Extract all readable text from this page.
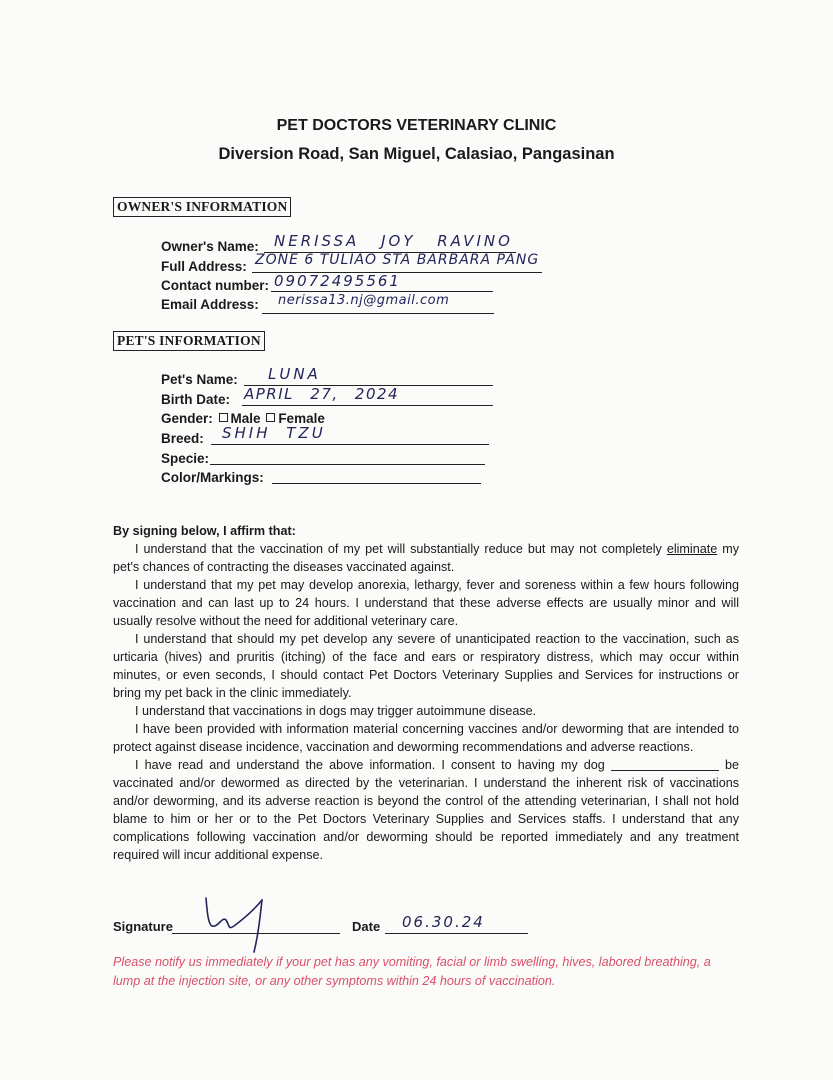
PET DOCTORS VETERINARY CLINIC
Diversion Road, San Miguel, Calasiao, Pangasinan
OWNER'S INFORMATION
Owner's Name: NERISSA JOY RAVINO
Full Address: ZONE 6 TULIAO STA BARBARA PANG
Contact number: 09072495561
Email Address: nerissa13.nj@gmail.com
PET'S INFORMATION
Pet's Name: LUNA
Birth Date: APRIL 27, 2024
Gender: Male Female
Breed: SHIH TZU
Specie:
Color/Markings:
By signing below, I affirm that:

I understand that the vaccination of my pet will substantially reduce but may not completely eliminate my pet's chances of contracting the diseases vaccinated against.

I understand that my pet may develop anorexia, lethargy, fever and soreness within a few hours following vaccination and can last up to 24 hours. I understand that these adverse effects are usually minor and will usually resolve without the need for additional veterinary care.

I understand that should my pet develop any severe of unanticipated reaction to the vaccination, such as urticaria (hives) and pruritis (itching) of the face and ears or respiratory distress, which may occur within minutes, or even seconds, I should contact Pet Doctors Veterinary Supplies and Services for instructions or bring my pet back in the clinic immediately.

I understand that vaccinations in dogs may trigger autoimmune disease.

I have been provided with information material concerning vaccines and/or deworming that are intended to protect against disease incidence, vaccination and deworming recommendations and adverse reactions.

I have read and understand the above information. I consent to having my dog	be vaccinated and/or dewormed as directed by the veterinarian. I understand the inherent risk of vaccinations and/or deworming, and its adverse reaction is beyond the control of the attending veterinarian, I shall not hold blame to him or her or to the Pet Doctors Veterinary Supplies and Services staffs. I understand that any complications following vaccination and/or deworming should be reported immediately and any treatment required will incur additional expense.

Signature	Date 06.30.24
Please notify us immediately if your pet has any vomiting, facial or limb swelling, hives, labored breathing, a lump at the injection site, or any other symptoms within 24 hours of vaccination.
